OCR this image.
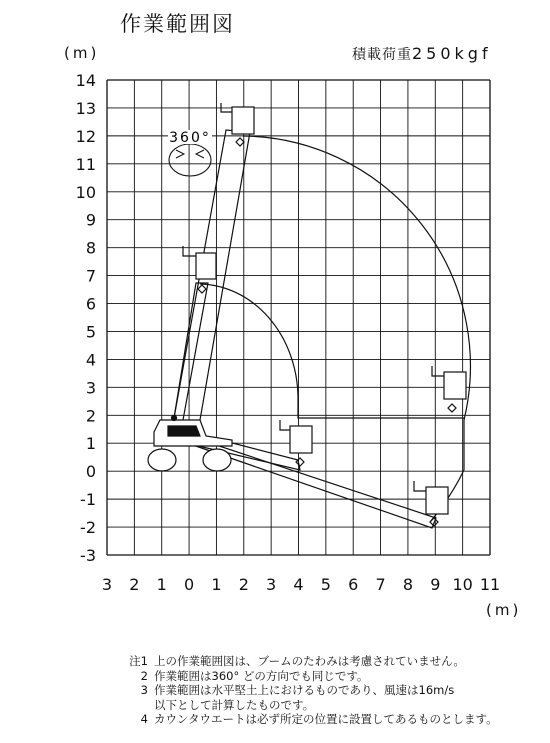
作業範囲図
(m)	積載荷重250kgf
(m)
14
13
12
11
10
9
8
7
6
5
4
3
2
1
0
-1
-2
-3
3 2 1 0 1 2 3 4 5 6 7 8 9 10 11
360°
注1 上の作業範囲図は、ブームのたわみは考慮されていません。
2 作業範囲は360° どの方向でも同じです。
3 作業範囲は水平堅土上におけるものであり、風速は16m/s
以下として計算したものです。
4 カウンタウエートは必ず所定の位置に設置してあるものとします。
